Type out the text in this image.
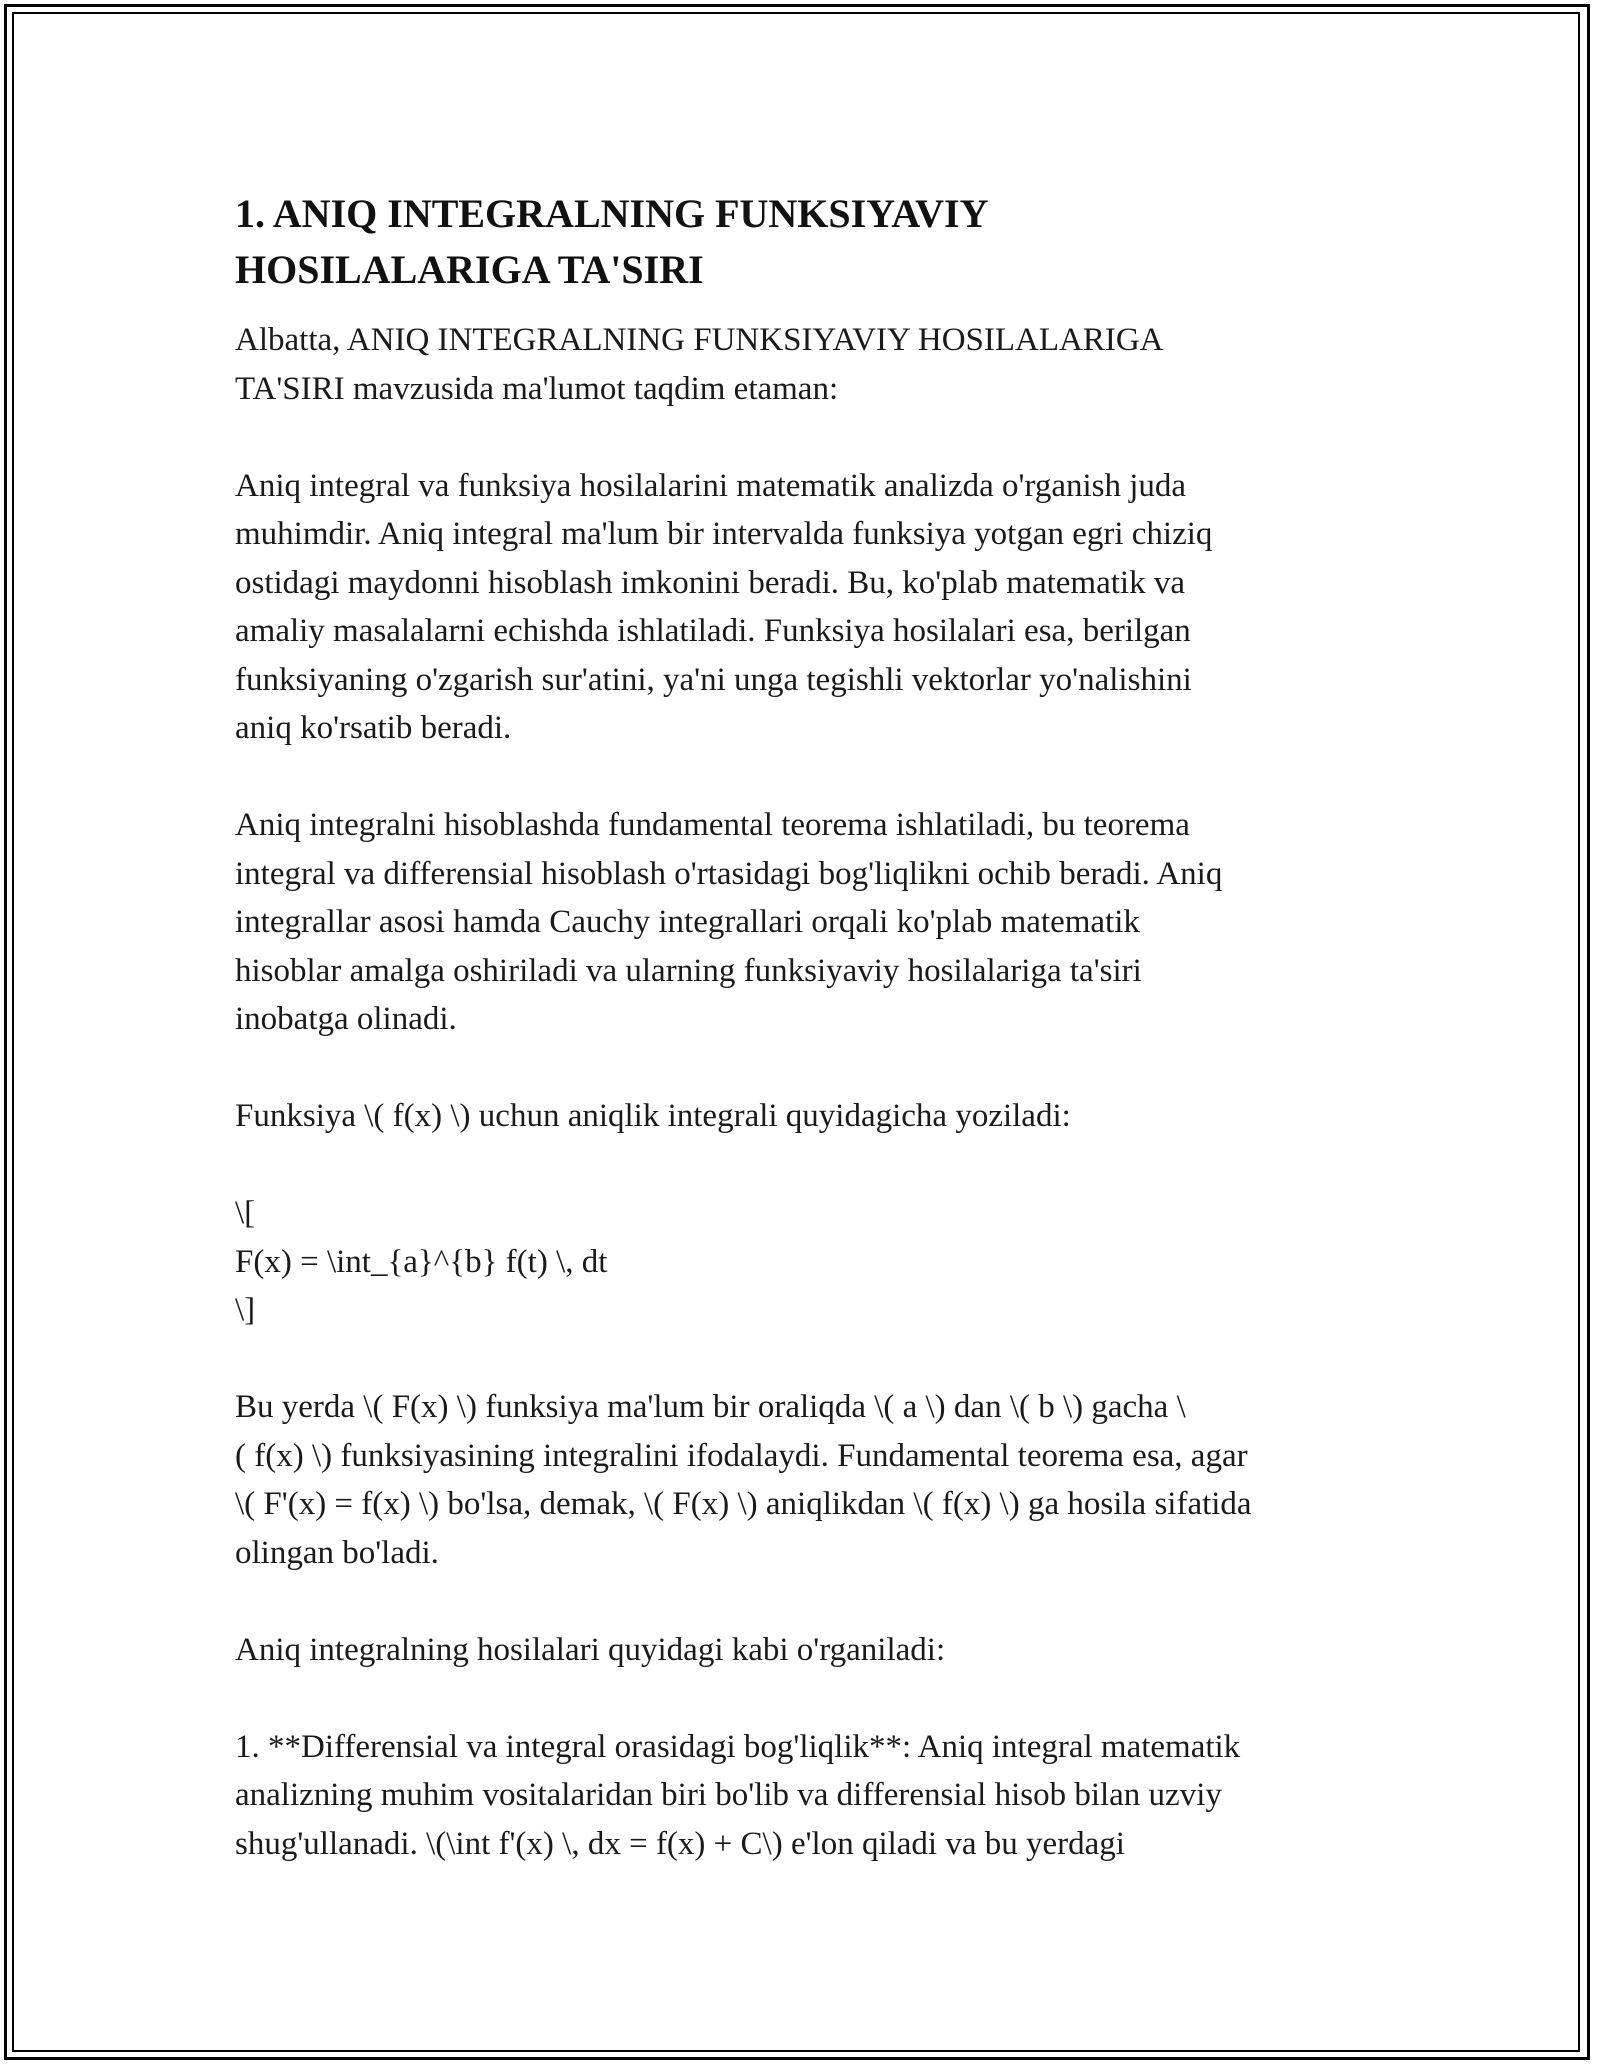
1. ANIQ INTEGRALNING FUNKSIYAVIY
HOSILALARIGA TA'SIRI

Albatta, ANIQ INTEGRALNING FUNKSIYAVIY HOSILALARIGA
TA'SIRI mavzusida ma'lumot taqdim etaman:

Aniq integral va funksiya hosilalarini matematik analizda o'rganish juda
muhimdir. Aniq integral ma'lum bir intervalda funksiya yotgan egri chiziq
ostidagi maydonni hisoblash imkonini beradi. Bu, ko'plab matematik va
amaliy masalalarni echishda ishlatiladi. Funksiya hosilalari esa, berilgan
funksiyaning o'zgarish sur'atini, ya'ni unga tegishli vektorlar yo'nalishini
aniq ko'rsatib beradi.

Aniq integralni hisoblashda fundamental teorema ishlatiladi, bu teorema
integral va differensial hisoblash o'rtasidagi bog'liqlikni ochib beradi. Aniq
integrallar asosi hamda Cauchy integrallari orqali ko'plab matematik
hisoblar amalga oshiriladi va ularning funksiyaviy hosilalariga ta'siri
inobatga olinadi.

Funksiya \( f(x) \) uchun aniqlik integrali quyidagicha yoziladi:

\[
F(x) = \int_{a}^{b} f(t) \, dt
\]

Bu yerda \( F(x) \) funksiya ma'lum bir oraliqda \( a \) dan \( b \) gacha \
( f(x) \) funksiyasining integralini ifodalaydi. Fundamental teorema esa, agar
\( F'(x) = f(x) \) bo'lsa, demak, \( F(x) \) aniqlikdan \( f(x) \) ga hosila sifatida
olingan bo'ladi.

Aniq integralning hosilalari quyidagi kabi o'rganiladi:

1. **Differensial va integral orasidagi bog'liqlik**: Aniq integral matematik
analizning muhim vositalaridan biri bo'lib va differensial hisob bilan uzviy
shug'ullanadi. \(\int f'(x) \, dx = f(x) + C\) e'lon qiladi va bu yerdagi
